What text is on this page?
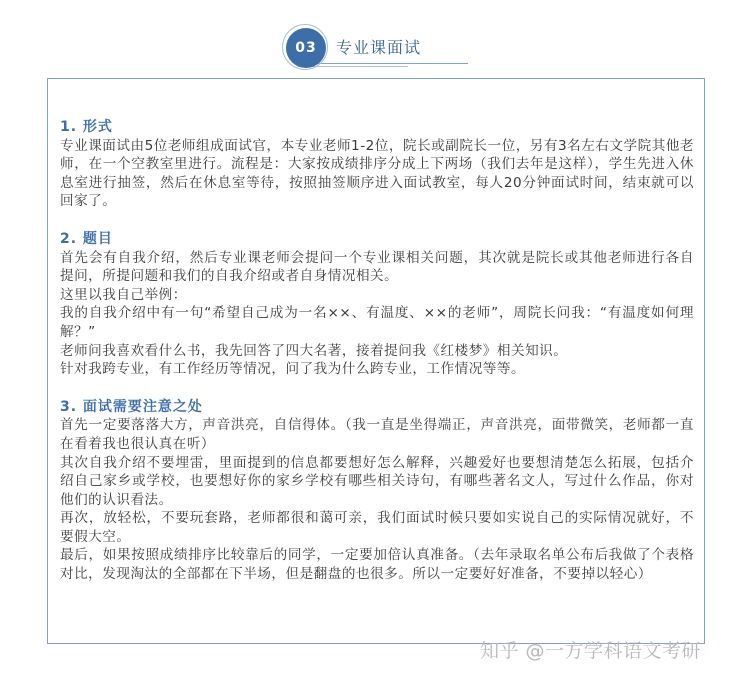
03	专业课面试

1. 形式

专业课面试由5位老师组成面试官，本专业老师1-2位，院长或副院长一位，另有3名左右文学院其他老师，在一个空教室里进行。流程是：大家按成绩排序分成上下两场（我们去年是这样），学生先进入休息室进行抽签，然后在休息室等待，按照抽签顺序进入面试教室，每人20分钟面试时间，结束就可以回家了。

2. 题目

首先会有自我介绍，然后专业课老师会提问一个专业课相关问题，其次就是院长或其他老师进行各自提问，所提问题和我们的自我介绍或者自身情况相关。

这里以我自己举例：

我的自我介绍中有一句“希望自己成为一名××、有温度、××的老师”，周院长问我：“有温度如何理解？”

老师问我喜欢看什么书，我先回答了四大名著，接着提问我《红楼梦》相关知识。

针对我跨专业，有工作经历等情况，问了我为什么跨专业，工作情况等等。

3. 面试需要注意之处

首先一定要落落大方，声音洪亮，自信得体。（我一直是坐得端正，声音洪亮，面带微笑，老师都一直在看着我也很认真在听）

其次自我介绍不要埋雷，里面提到的信息都要想好怎么解释，兴趣爱好也要想清楚怎么拓展，包括介绍自己家乡或学校，也要想好你的家乡学校有哪些相关诗句，有哪些著名文人，写过什么作品，你对他们的认识看法。

再次，放轻松，不要玩套路，老师都很和蔼可亲，我们面试时候只要如实说自己的实际情况就好，不要假大空。

最后，如果按照成绩排序比较靠后的同学，一定要加倍认真准备。（去年录取名单公布后我做了个表格对比，发现淘汰的全部都在下半场，但是翻盘的也很多。所以一定要好好准备，不要掉以轻心）

知乎 @一方学科语文考研
